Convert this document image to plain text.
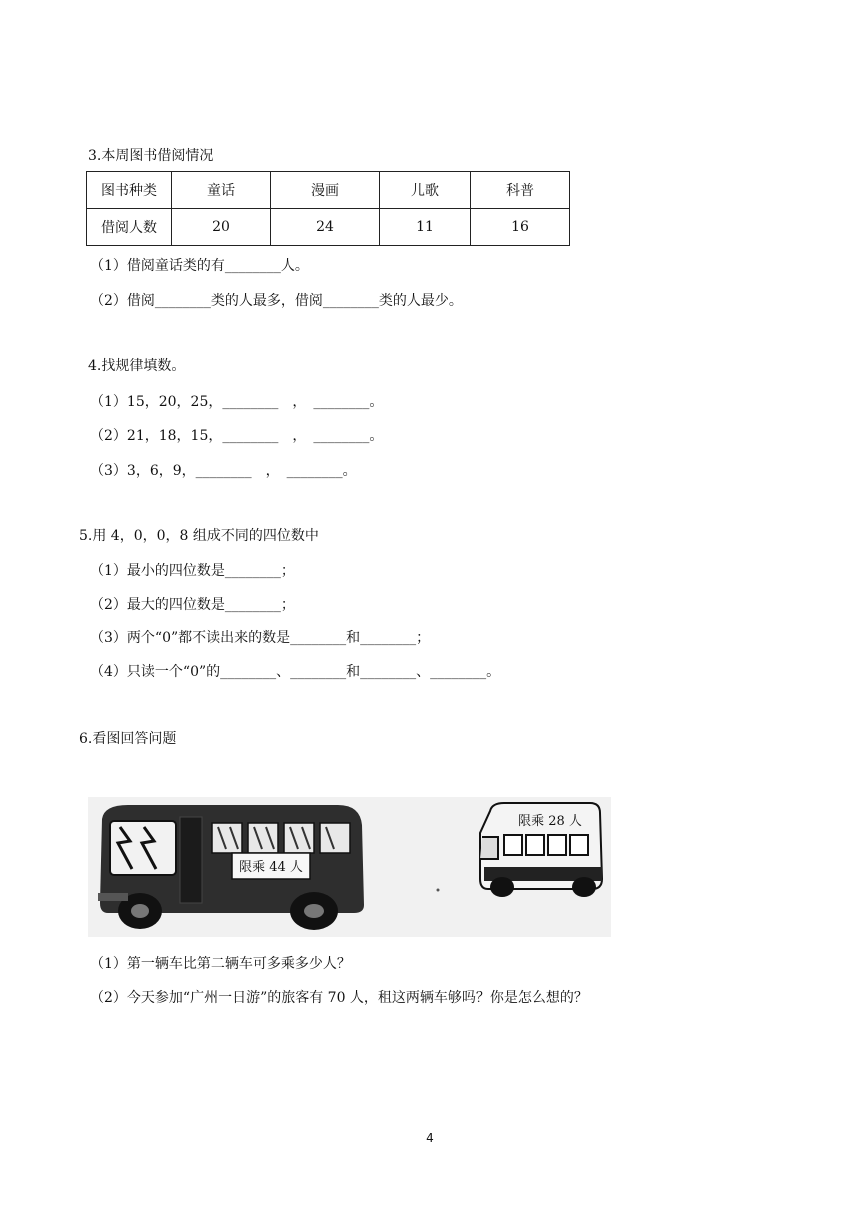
3.本周图书借阅情况
图书种类	童话	漫画	儿歌	科普
借阅人数	20	24	11	16
（1）借阅童话类的有________人。
（2）借阅________类的人最多，借阅________类的人最少。
4.找规律填数。
（1）15，20，25，________　，　________。
（2）21，18，15，________　，　________。
（3）3，6，9，________　，　________。
5.用 4，0，0，8 组成不同的四位数中
（1）最小的四位数是________；
（2）最大的四位数是________；
（3）两个“0”都不读出来的数是________和________；
（4）只读一个“0”的________、________和________、________。
6.看图回答问题
限乘 44 人
限乘 28 人
（1）第一辆车比第二辆车可多乘多少人？
（2）今天参加“广州一日游”的旅客有 70 人，租这两辆车够吗？你是怎么想的？
4
